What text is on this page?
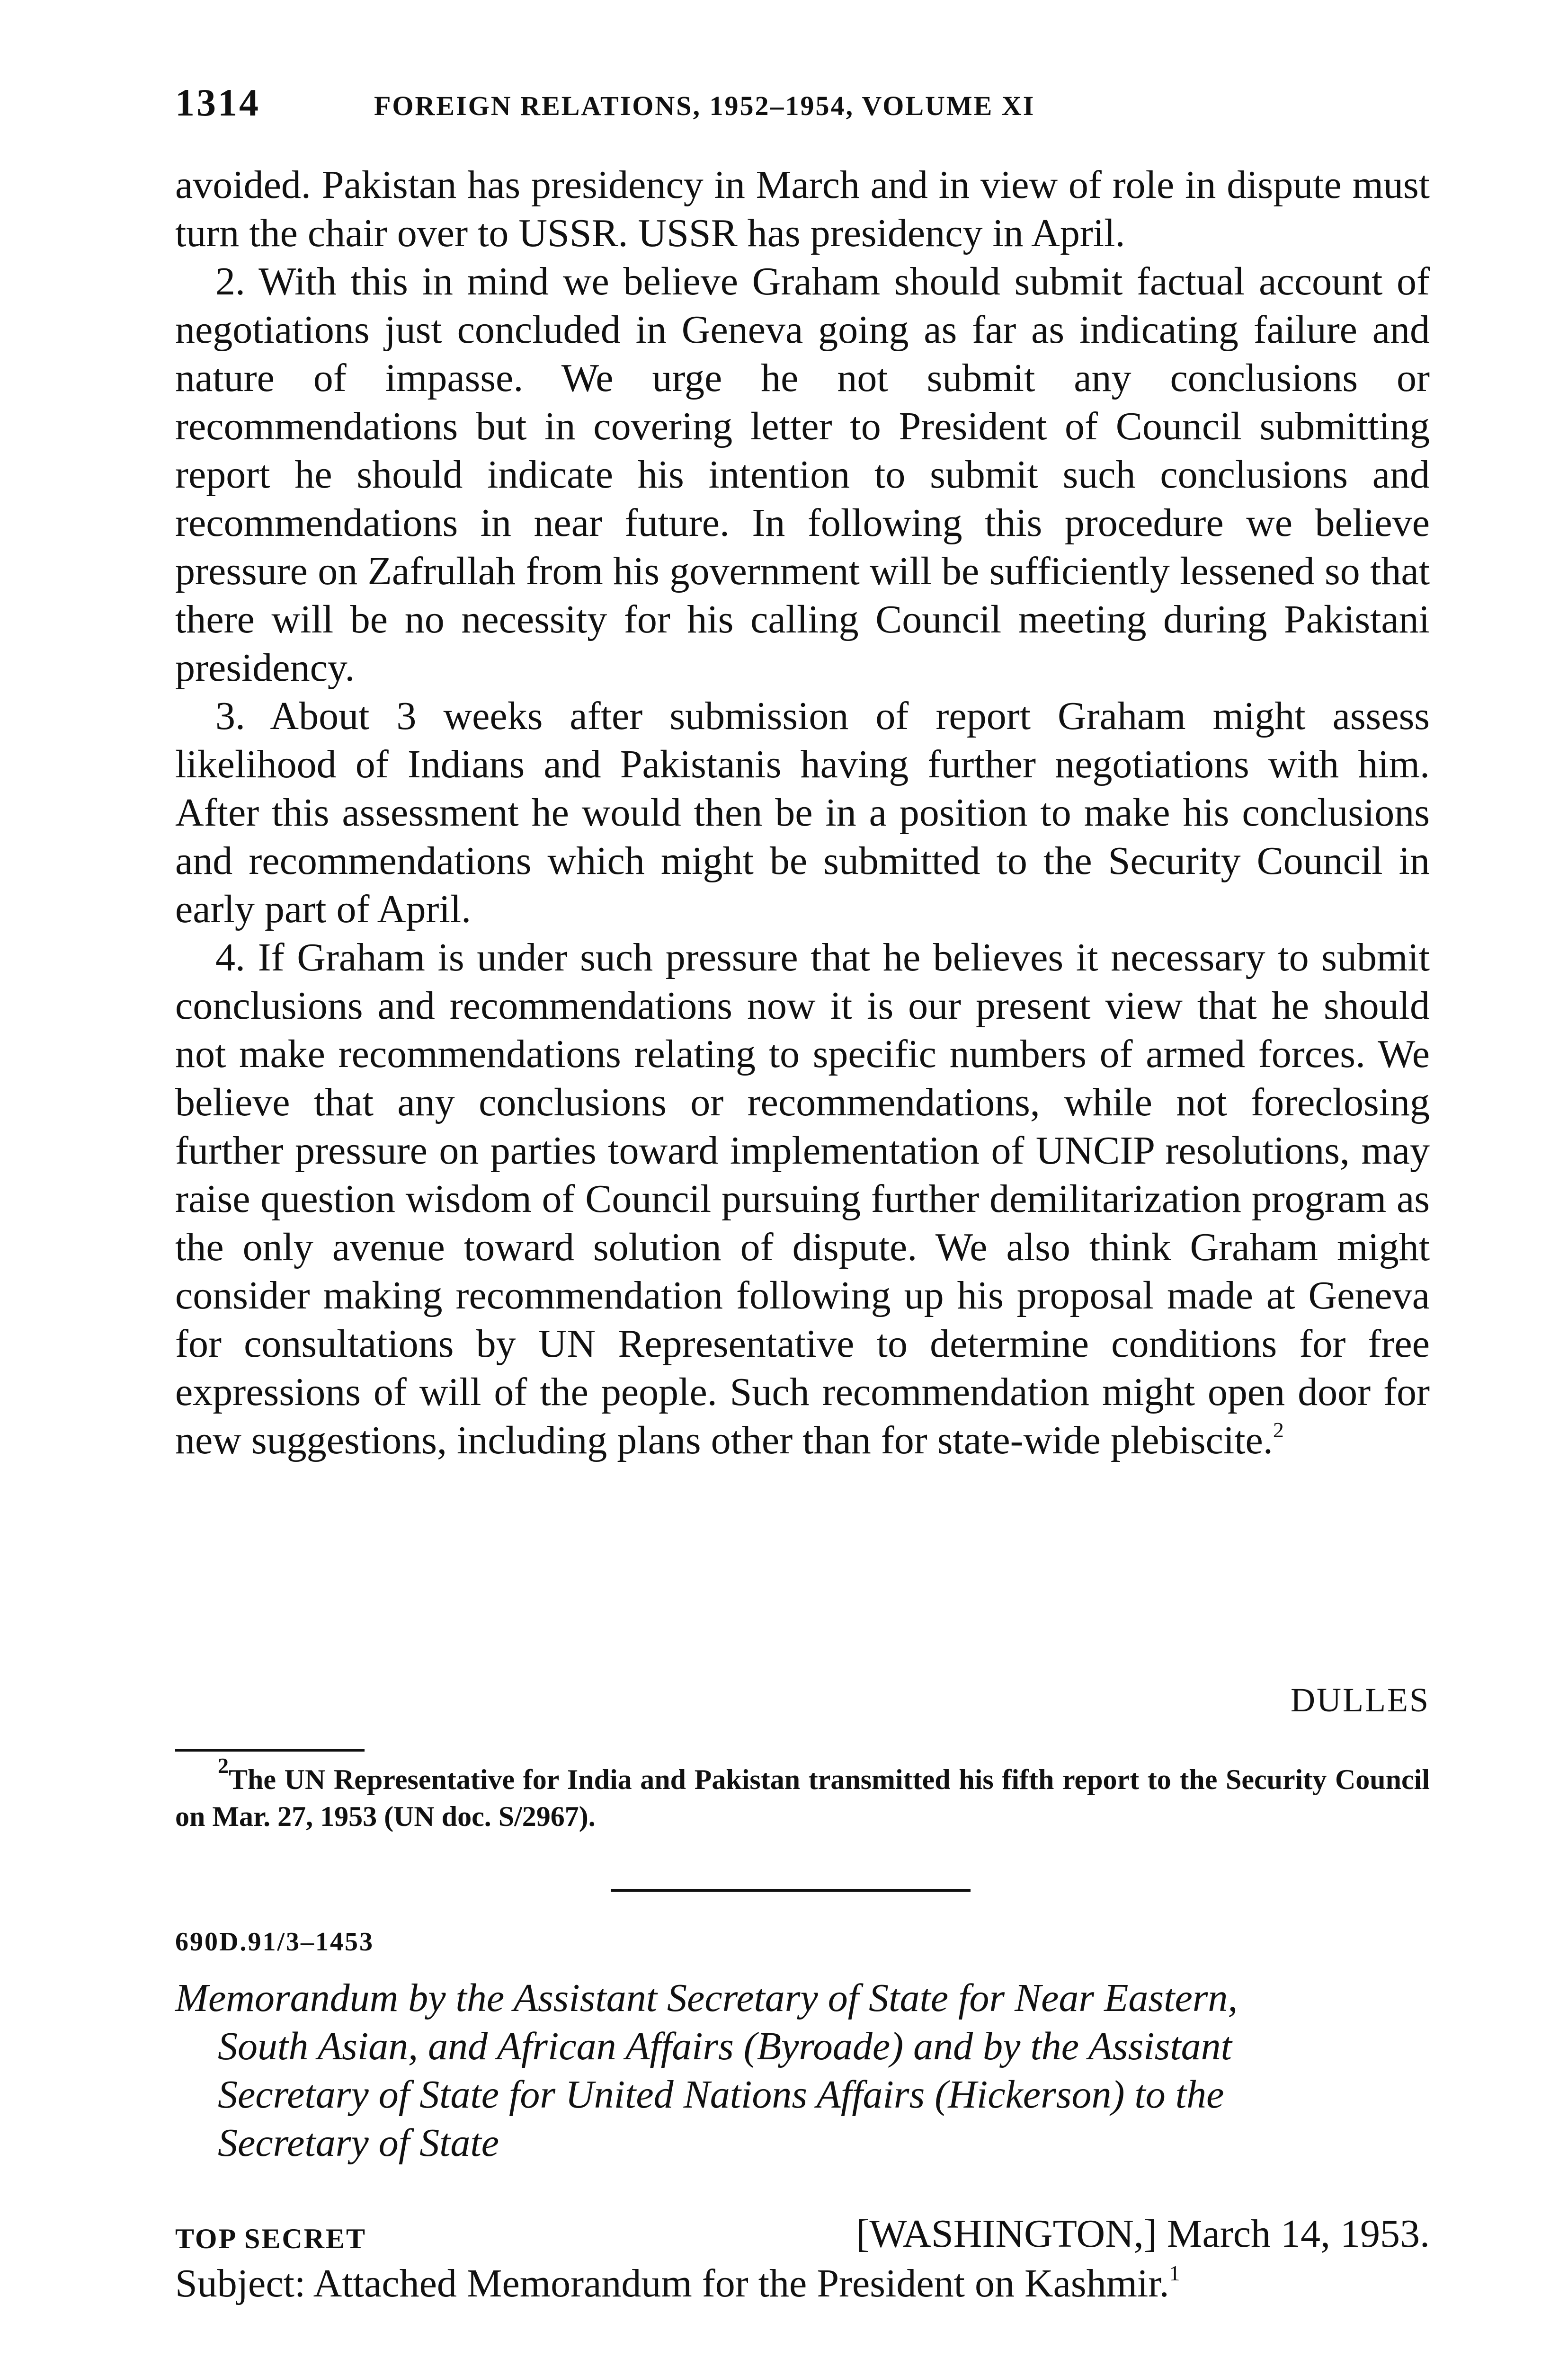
1314	FOREIGN RELATIONS, 1952–1954, VOLUME XI

avoided. Pakistan has presidency in March and in view of role in dispute must turn the chair over to USSR. USSR has presidency in April.

2. With this in mind we believe Graham should submit factual account of negotiations just concluded in Geneva going as far as indicating failure and nature of impasse. We urge he not submit any conclusions or recommendations but in covering letter to President of Council submitting report he should indicate his intention to submit such conclusions and recommendations in near future. In following this procedure we believe pressure on Zafrullah from his government will be sufficiently lessened so that there will be no necessity for his calling Council meeting during Pakistani presidency.

3. About 3 weeks after submission of report Graham might assess likelihood of Indians and Pakistanis having further negotiations with him. After this assessment he would then be in a position to make his conclusions and recommendations which might be submitted to the Security Council in early part of April.

4. If Graham is under such pressure that he believes it necessary to submit conclusions and recommendations now it is our present view that he should not make recommendations relating to specific numbers of armed forces. We believe that any conclusions or recommendations, while not foreclosing further pressure on parties toward implementation of UNCIP resolutions, may raise question wisdom of Council pursuing further demilitarization program as the only avenue toward solution of dispute. We also think Graham might consider making recommendation following up his proposal made at Geneva for consultations by UN Representative to determine conditions for free expressions of will of the people. Such recommendation might open door for new suggestions, including plans other than for state-wide plebiscite.$^2$

DULLES
$^2$The UN Representative for India and Pakistan transmitted his fifth report to the Security Council on Mar. 27, 1953 (UN doc. S/2967).
690D.91/3–1453
Memorandum by the Assistant Secretary of State for Near Eastern,
South Asian, and African Affairs (Byroade) and by the Assistant
Secretary of State for United Nations Affairs (Hickerson) to the
Secretary of State
TOP SECRET	[WASHINGTON,] March 14, 1953.
Subject: Attached Memorandum for the President on Kashmir.$^1$
